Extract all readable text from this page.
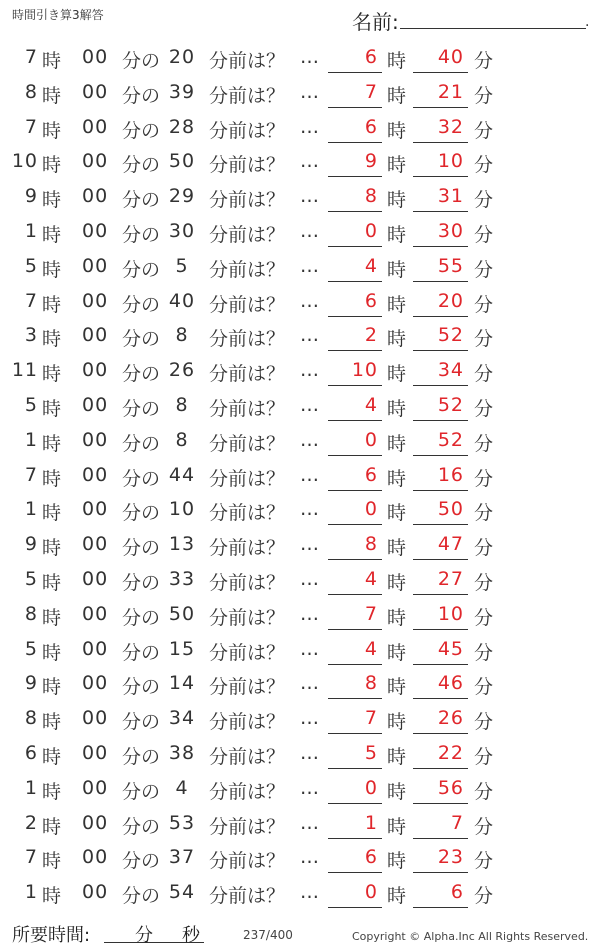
時間引き算3解答	名前:	.
7 時 00 分の 20 分前は？ …	6 時	40 分
8 時 00 分の 39 分前は？ …	7 時	21 分
7 時 00 分の 28 分前は？ …	6 時	32 分
10 時 00 分の 50 分前は？ …	9 時	10 分
9 時 00 分の 29 分前は？ …	8 時	31 分
1 時 00 分の 30 分前は？ …	0 時	30 分
5 時 00 分の 5	分前は？ …	4 時	55 分
7 時 00 分の 40 分前は？ …	6 時	20 分
3 時 00 分の 8	分前は？ …	2 時	52 分
11 時 00 分の 26 分前は？ …	10 時	34 分
5 時 00 分の 8	分前は？ …	4 時	52 分
1 時 00 分の 8	分前は？ …	0 時	52 分
7 時 00 分の 44 分前は？ …	6 時	16 分
1 時 00 分の 10 分前は？ …	0 時	50 分
9 時 00 分の 13 分前は？ …	8 時	47 分
5 時 00 分の 33 分前は？ …	4 時	27 分
8 時 00 分の 50 分前は？ …	7 時	10 分
5 時 00 分の 15 分前は？ …	4 時	45 分
9 時 00 分の 14 分前は？ …	8 時	46 分
8 時 00 分の 34 分前は？ …	7 時	26 分
6 時 00 分の 38 分前は？ …	5 時	22 分
1 時 00 分の 4	分前は？ …	0 時	56 分
2 時 00 分の 53 分前は？ …	1 時	7 分
7 時 00 分の 37 分前は？ …	6 時	23 分
1 時 00 分の 54 分前は？ …	0 時	6 分
所要時間: 分 秒	237/400	Copyright © Alpha.Inc All Rights Reserved.
